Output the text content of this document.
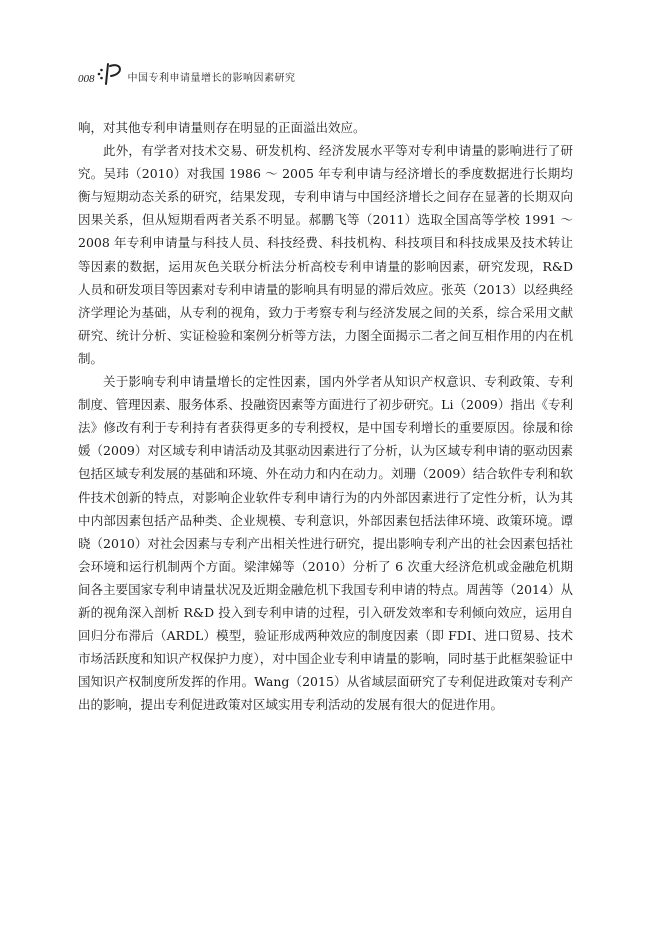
008	中国专利申请量增长的影响因素研究

响，对其他专利申请量则存在明显的正面溢出效应。

此外，有学者对技术交易、研发机构、经济发展水平等对专利申请量的影响进行了研究。吴玮（2010）对我国 1986 ～ 2005 年专利申请与经济增长的季度数据进行长期均衡与短期动态关系的研究，结果发现，专利申请与中国经济增长之间存在显著的长期双向因果关系，但从短期看两者关系不明显。郝鹏飞等（2011）选取全国高等学校 1991 ～ 2008 年专利申请量与科技人员、科技经费、科技机构、科技项目和科技成果及技术转让等因素的数据，运用灰色关联分析法分析高校专利申请量的影响因素，研究发现，R&D 人员和研发项目等因素对专利申请量的影响具有明显的滞后效应。张英（2013）以经典经济学理论为基础，从专利的视角，致力于考察专利与经济发展之间的关系，综合采用文献研究、统计分析、实证检验和案例分析等方法，力图全面揭示二者之间互相作用的内在机制。

关于影响专利申请量增长的定性因素，国内外学者从知识产权意识、专利政策、专利制度、管理因素、服务体系、投融资因素等方面进行了初步研究。Li（2009）指出《专利法》修改有利于专利持有者获得更多的专利授权，是中国专利增长的重要原因。徐晟和徐媛（2009）对区域专利申请活动及其驱动因素进行了分析，认为区域专利申请的驱动因素包括区域专利发展的基础和环境、外在动力和内在动力。刘珊（2009）结合软件专利和软件技术创新的特点，对影响企业软件专利申请行为的内外部因素进行了定性分析，认为其中内部因素包括产品种类、企业规模、专利意识，外部因素包括法律环境、政策环境。谭晓（2010）对社会因素与专利产出相关性进行研究，提出影响专利产出的社会因素包括社会环境和运行机制两个方面。梁津娣等（2010）分析了 6 次重大经济危机或金融危机期间各主要国家专利申请量状况及近期金融危机下我国专利申请的特点。周茜等（2014）从新的视角深入剖析 R&D 投入到专利申请的过程，引入研发效率和专利倾向效应，运用自回归分布滞后（ARDL）模型，验证形成两种效应的制度因素（即 FDI、进口贸易、技术市场活跃度和知识产权保护力度），对中国企业专利申请量的影响，同时基于此框架验证中国知识产权制度所发挥的作用。Wang（2015）从省域层面研究了专利促进政策对专利产出的影响，提出专利促进政策对区域实用专利活动的发展有很大的促进作用。
